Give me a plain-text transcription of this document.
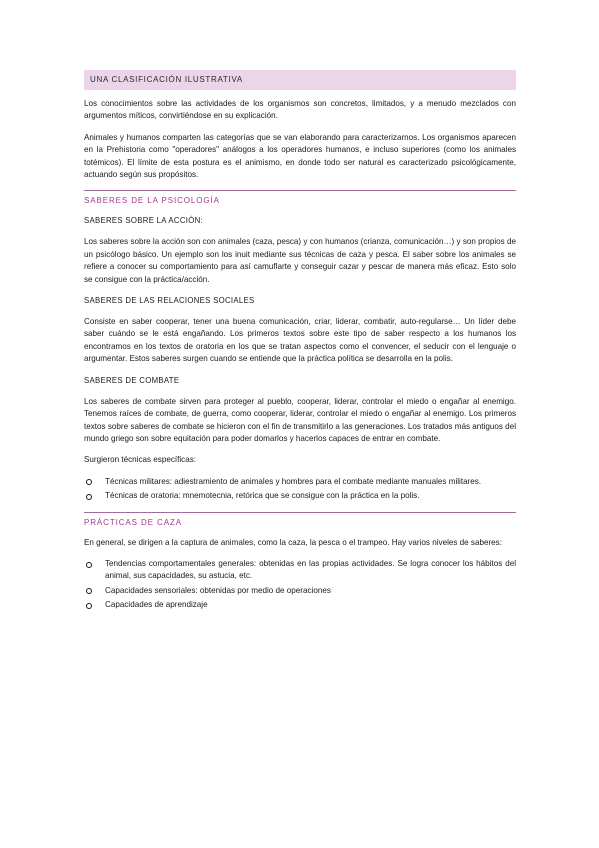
UNA CLASIFICACIÓN ILUSTRATIVA

Los conocimientos sobre las actividades de los organismos son concretos, limitados, y a menudo mezclados con argumentos míticos, convirtiéndose en su explicación.

Animales y humanos comparten las categorías que se van elaborando para caracterizarnos. Los organismos aparecen en la Prehistoria como "operadores" análogos a los operadores humanos, e incluso superiores (como los animales totémicos). El límite de esta postura es el animismo, en donde todo ser natural es caracterizado psicológicamente, actuando según sus propósitos.

SABERES DE LA PSICOLOGÍA
SABERES SOBRE LA ACCIÓN:

Los saberes sobre la acción son con animales (caza, pesca) y con humanos (crianza, comunicación…) y son propios de un psicólogo básico. Un ejemplo son los inuit mediante sus técnicas de caza y pesca. El saber sobre los animales se refiere a conocer su comportamiento para así camuflarte y conseguir cazar y pescar de manera más eficaz. Esto solo se consigue con la práctica/acción.

SABERES DE LAS RELACIONES SOCIALES

Consiste en saber cooperar, tener una buena comunicación, criar, liderar, combatir, auto-regularse… Un líder debe saber cuándo se le está engañando. Los primeros textos sobre este tipo de saber respecto a los humanos los encontramos en los textos de oratoria en los que se tratan aspectos como el convencer, el seducir con el lenguaje o argumentar. Estos saberes surgen cuando se entiende que la práctica política se desarrolla en la polis.

SABERES DE COMBATE

Los saberes de combate sirven para proteger al pueblo, cooperar, liderar, controlar el miedo o engañar al enemigo. Tenemos raíces de combate, de guerra, como cooperar, liderar, controlar el miedo o engañar al enemigo. Los primeros textos sobre saberes de combate se hicieron con el fin de transmitirlo a las generaciones. Los tratados más antiguos del mundo griego son sobre equitación para poder domarlos y hacerlos capaces de entrar en combate.

Surgieron técnicas específicas:

Técnicas militares: adiestramiento de animales y hombres para el combate mediante manuales militares.
Técnicas de oratoria: mnemotecnia, retórica que se consigue con la práctica en la polis.
PRÁCTICAS DE CAZA

En general, se dirigen a la captura de animales, como la caza, la pesca o el trampeo. Hay varios niveles de saberes:

Tendencias comportamentales generales: obtenidas en las propias actividades. Se logra conocer los hábitos del animal, sus capacidades, su astucia, etc.
Capacidades sensoriales: obtenidas por medio de operaciones
Capacidades de aprendizaje
